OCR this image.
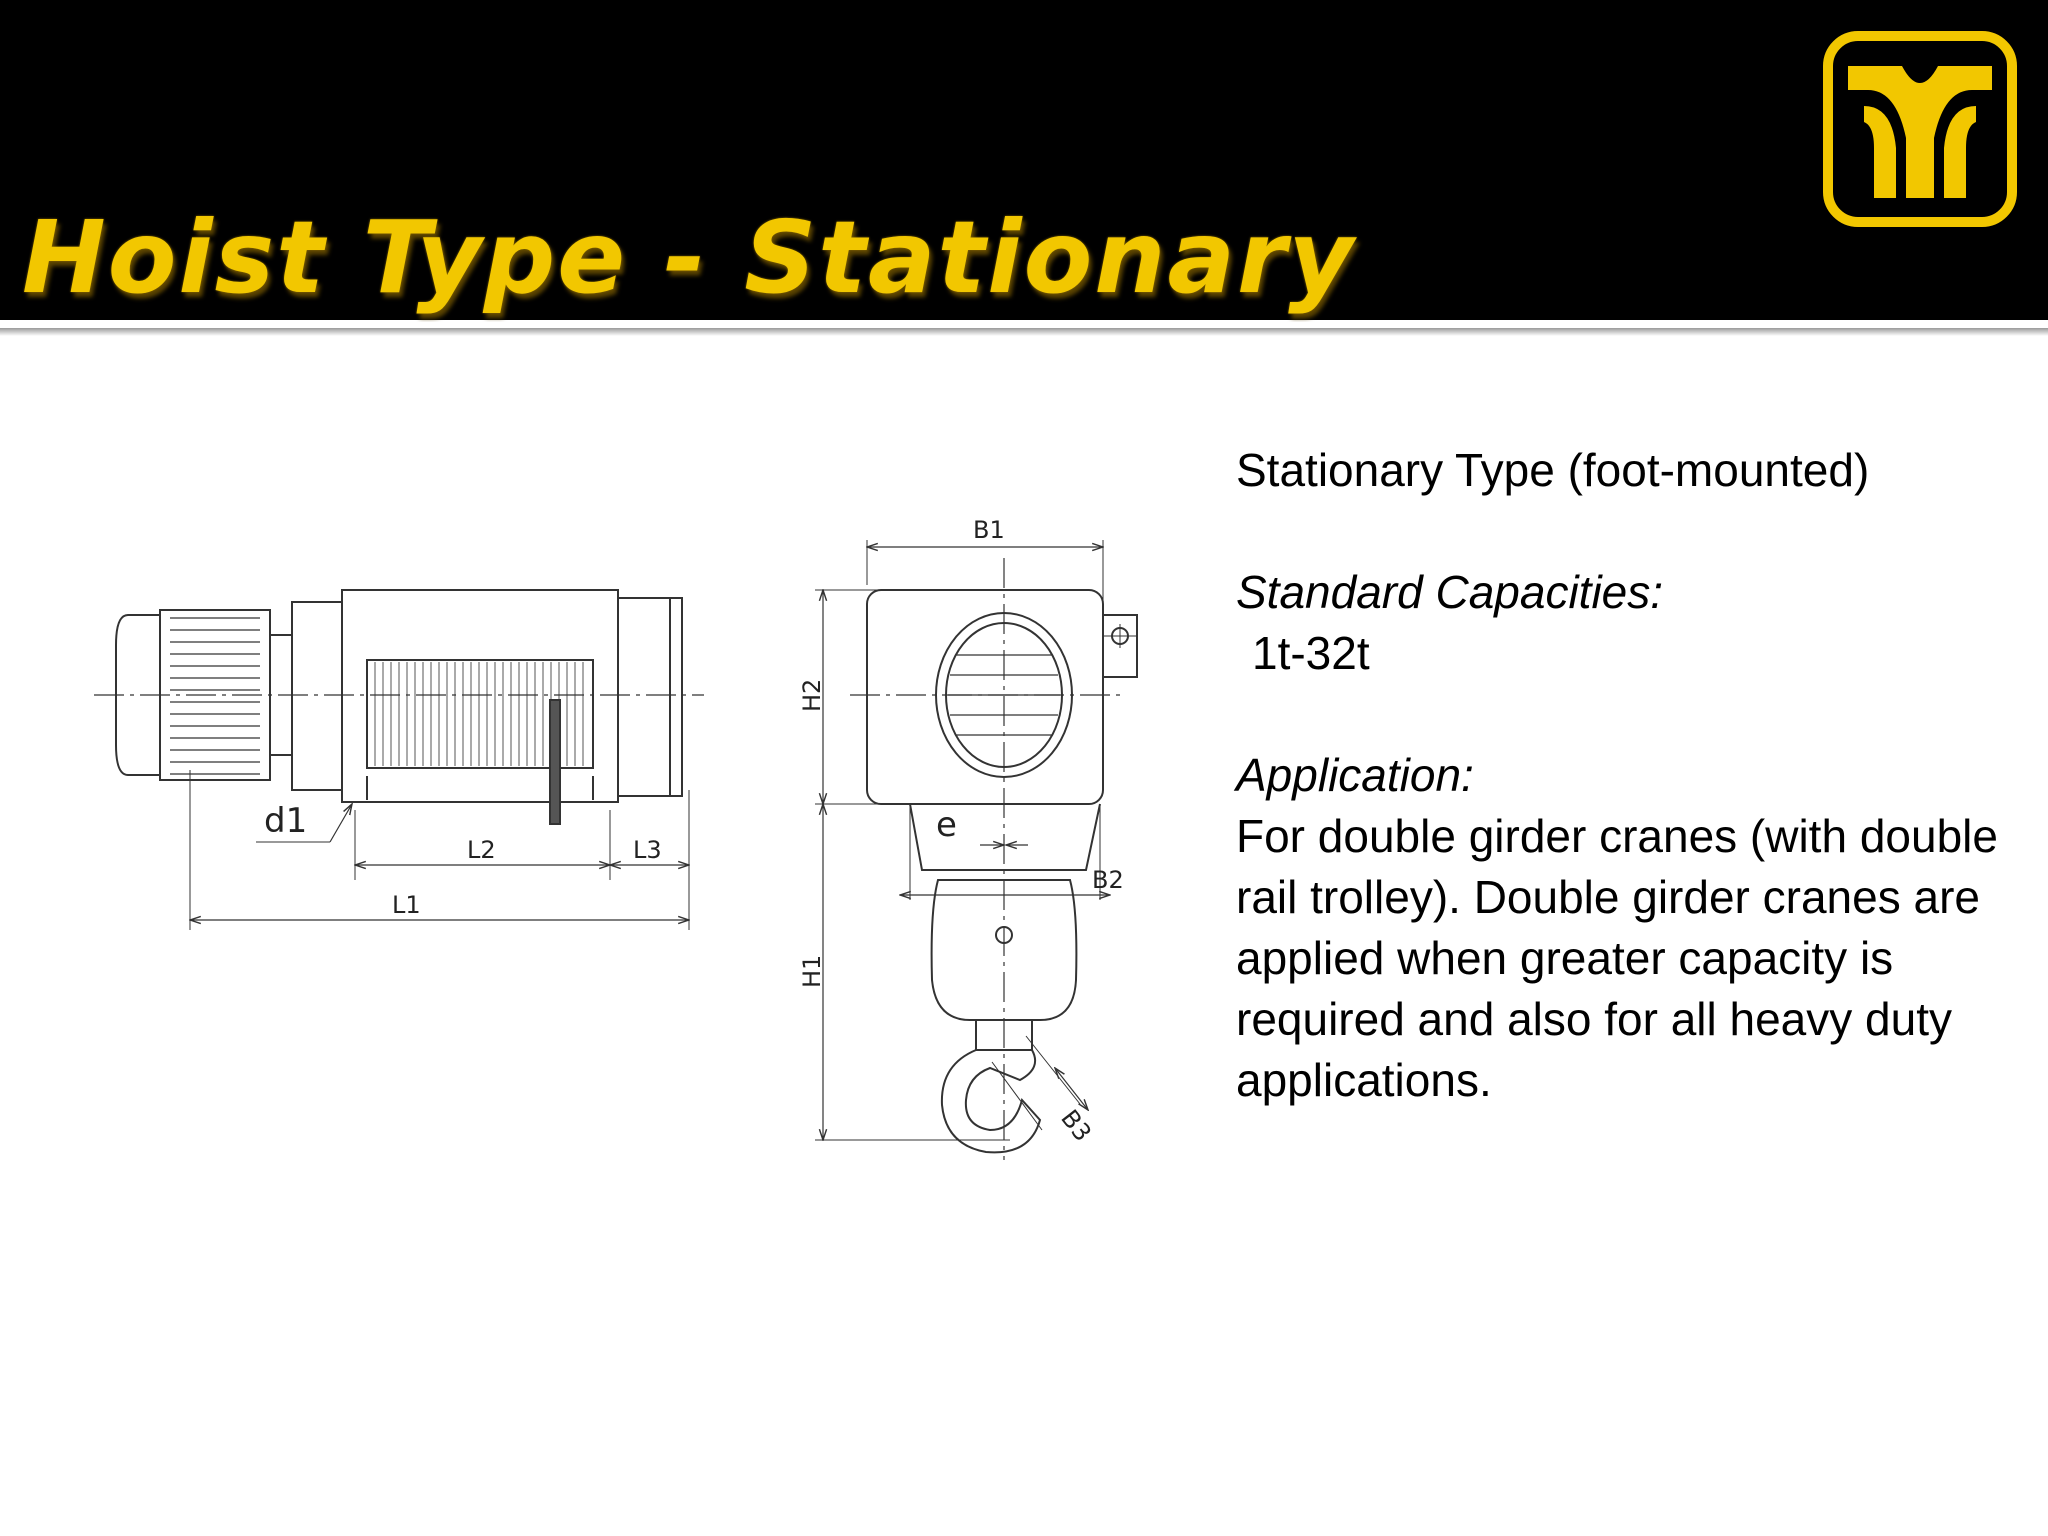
Hoist Type - Stationary
d1
L2	L3
L1
B1
H2
H1
e
B2
B3

Stationary Type (foot-mounted)

Standard Capacities:

1t-32t

Application:

For double girder cranes (with double rail trolley). Double girder cranes are applied when greater capacity is required and also for all heavy duty applications.
